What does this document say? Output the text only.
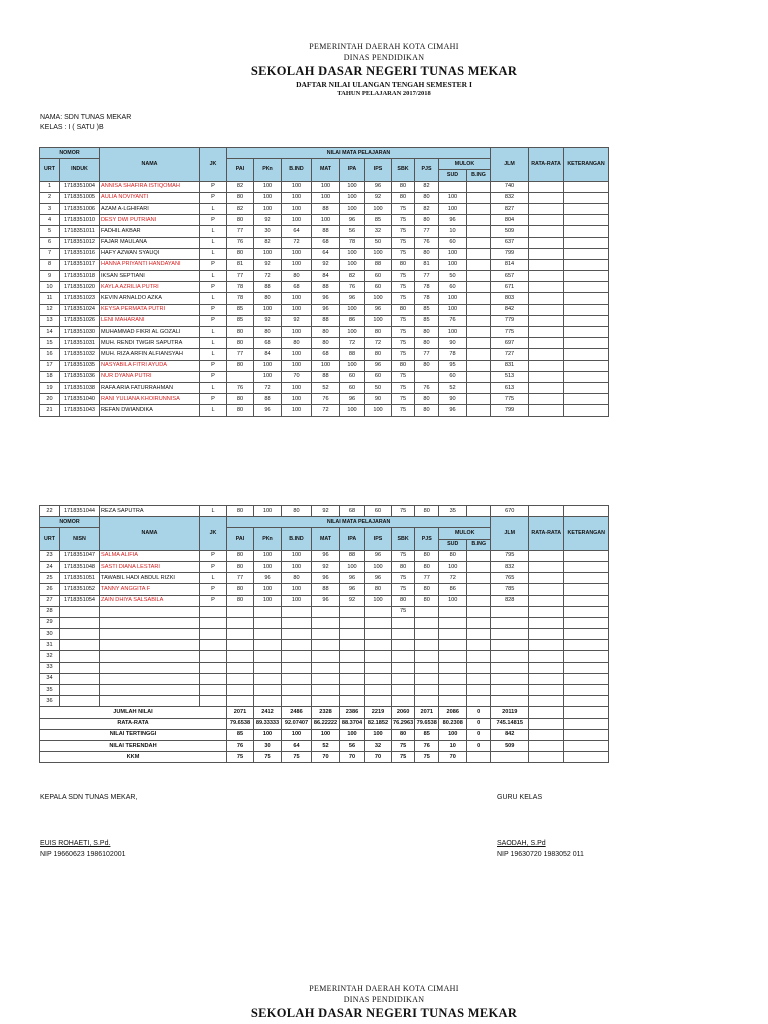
PEMERINTAH DAERAH KOTA CIMAHI
DINAS PENDIDIKAN
SEKOLAH DASAR NEGERI TUNAS MEKAR
DAFTAR NILAI ULANGAN TENGAH SEMESTER I
TAHUN PELAJARAN 2017/2018
NAMA: SDN TUNAS MEKAR
KELAS : I ( SATU )B
NOMOR		NAMA	JK	NILAI MATA PELAJARAN										JLM	RATA-RATA	KETERANGAN
URT	INDUK			PAI	PKn	B.IND	MAT	IPA	IPS	SBK	PJS	MULOK				
												SUD	B.ING			
1	1718351004	ANNISA SHAFIRA ISTIQOMAH	P	82	100	100	100	100	96	80	82			740		
2	1718351005	AULIA NOVIYANTI	P	80	100	100	100	100	92	80	80	100		832		
3	1718351006	AZAM A-LGHIFARI	L	82	100	100	88	100	100	75	82	100		827		
4	1718351010	DESY DWI PUTRIANI	P	80	92	100	100	96	85	75	80	96		804		
5	1718351011	FADHIL AKBAR	L	77	30	64	88	56	32	75	77	10		509		
6	1718351012	FAJAR MAULANA	L	76	82	72	68	78	50	75	76	60		637		
7	1718351016	HAFY AZWAN SYAUQI	L	80	100	100	64	100	100	75	80	100		799		
8	1718351017	HANNA PRIYANTI HANDAYANI	P	81	92	100	92	100	88	80	81	100		814		
9	1718351018	IKSAN SEPTIANI	L	77	72	80	84	82	60	75	77	50		657		
10	1718351020	KAYLA AZRILIA PUTRI	P	78	88	68	88	76	60	75	78	60		671		
11	1718351023	KEVIN ARNALDO AZKA	L	78	80	100	96	96	100	75	78	100		803		
12	1718351024	KEYSA PERMATA PUTRI	P	85	100	100	96	100	96	80	85	100		842		
13	1718351026	LENI MAHARANI	P	85	92	92	88	86	100	75	85	76		779		
14	1718351030	MUHAMMAD FIKRI AL GOZALI	L	80	80	100	80	100	80	75	80	100		775		
15	1718351031	MUH. RENDI TWGIR SAPUTRA	L	80	68	80	80	72	72	75	80	90		697		
16	1718351032	MUH. RIZA ARFIN ALFIANSYAH	L	77	84	100	68	88	80	75	77	78		727		
17	1718351035	NASYABILA FITRI AYUDA	P	80	100	100	100	100	96	80	80	95		831		
18	1718351036	NUR DYANA PUTRI	P		100	70	88	60	60	75		60		513		
19	1718351038	RAFA ARIA FATURRAHMAN	L	76	72	100	52	60	50	75	76	52		613		
20	1718351040	RANI YULIANA KHOIRUNNISA	P	80	88	100	76	96	90	75	80	90		775		
21	1718351043	REFAN DWIANDIKA	L	80	96	100	72	100	100	75	80	96		799		
22	1718351044	REZA SAPUTRA	L	80	100	80	92	68	60	75	80	35		670		
NOMOR		NAMA	JK	NILAI MATA PELAJARAN										JLM	RATA-RATA	KETERANGAN
URT	NISN			PAI	PKn	B.IND	MAT	IPA	IPS	SBK	PJS	MULOK				
												SUD	B.ING			
23	1718351047	SALMA ALIFIA	P	80	100	100	96	88	96	75	80	80		795		
24	1718351048	SASTI DIANA LESTARI	P	80	100	100	92	100	100	80	80	100		832		
25	1718351051	TAWABIL HADI ABDUL RIZKI	L	77	96	80	96	96	96	75	77	72		765		
26	1718351052	TANNY ANGGITA F	P	80	100	100	88	96	80	75	80	86		785		
27	1718351054	ZAIN DHIYA SALSABILA	P	80	100	100	96	92	100	80	80	100		828		
28										75						
29																
30																
31																
32																
33																
34																
35																
36																
JUMLAH NILAI				2071	2412	2486	2328	2386	2219	2060	2071	2086	0	20119		
RATA-RATA				79.6538	89.33333	92.07407	86.22222	88.3704	82.1852	76.2963	79.6538	80.2308	0	745.14815		
NILAI TERTINGGI				85	100	100	100	100	100	80	85	100	0	842		
NILAI TERENDAH				76	30	64	52	56	32	75	76	10	0	509		
KKM				75	75	75	70	70	70	75	75	70				
KEPALA SDN TUNAS MEKAR,
EUIS ROHAETI, S.Pd.
NIP 19660623 1986102001
GURU KELAS
SAODAH, S.Pd
NIP 19630720 1983052 011
PEMERINTAH DAERAH KOTA CIMAHI
DINAS PENDIDIKAN
SEKOLAH DASAR NEGERI TUNAS MEKAR
